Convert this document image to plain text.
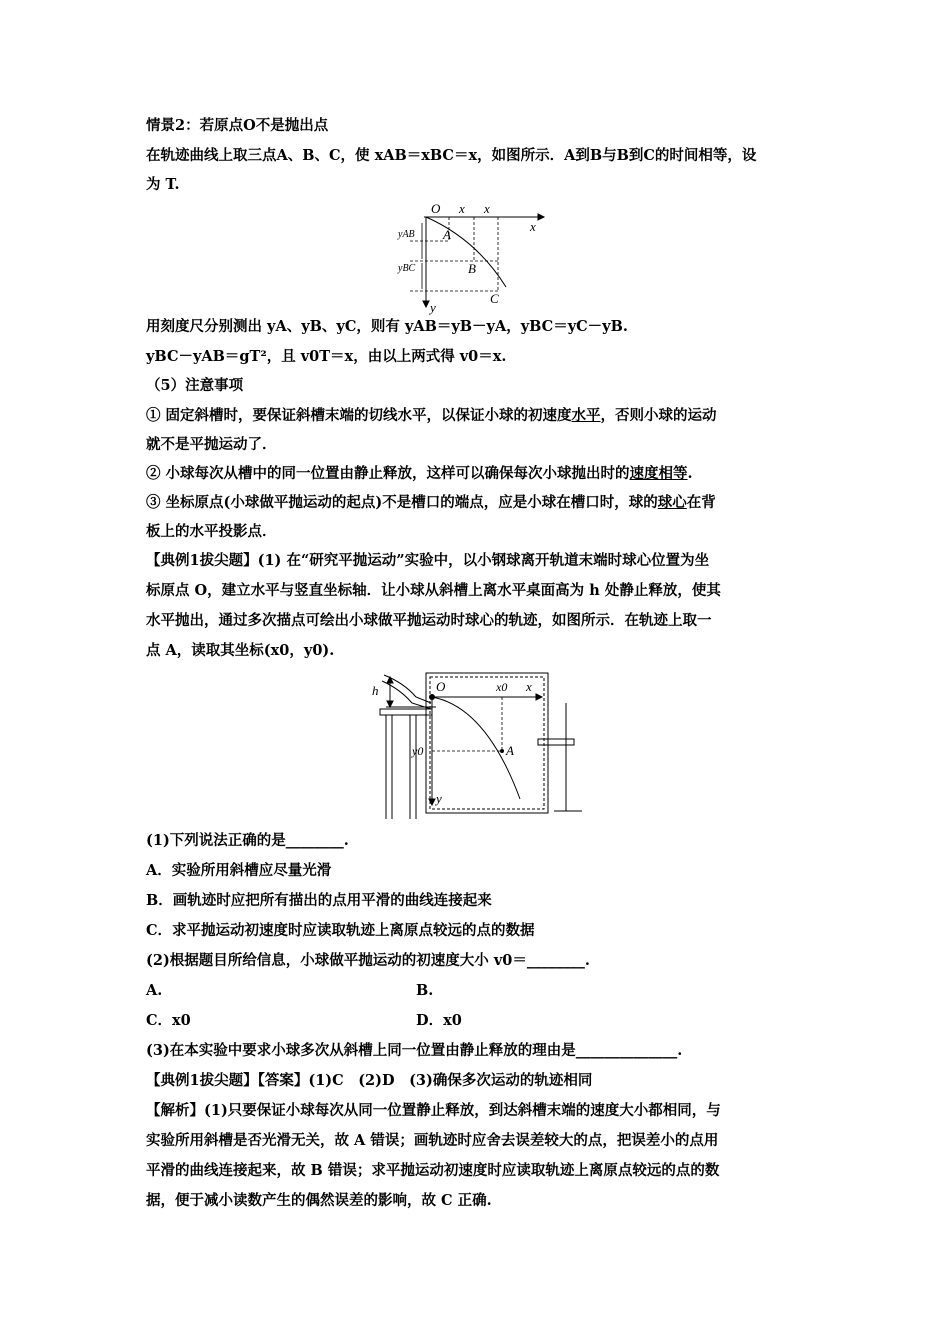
情景2：若原点O不是抛出点

在轨迹曲线上取三点A、B、C，使 xAB＝xBC＝x，如图所示．A到B与B到C的时间相等，设

为 T.

O x x
x
y
A
B
C
yAB
yBC

用刻度尺分别测出 yA、yB、yC，则有 yAB＝yB－yA，yBC＝yC－yB.

yBC－yAB＝gT²，且 v0T＝x，由以上两式得 v0＝x.

（5）注意事项

① 固定斜槽时，要保证斜槽末端的切线水平，以保证小球的初速度水平，否则小球的运动

就不是平抛运动了．

② 小球每次从槽中的同一位置由静止释放，这样可以确保每次小球抛出时的速度相等.

③ 坐标原点(小球做平抛运动的起点)不是槽口的端点，应是小球在槽口时，球的球心在背

板上的水平投影点．

【典例1拔尖题】(1) 在“研究平抛运动”实验中，以小钢球离开轨道末端时球心位置为坐

标原点 O，建立水平与竖直坐标轴．让小球从斜槽上离水平桌面高为 h 处静止释放，使其

水平抛出，通过多次描点可绘出小球做平抛运动时球心的轨迹，如图所示．在轨迹上取一

点 A，读取其坐标(x0，y0).

h	O	x0 x
y0	A
y

(1)下列说法正确的是________.

A．实验所用斜槽应尽量光滑

B．画轨迹时应把所有描出的点用平滑的曲线连接起来

C．求平抛运动初速度时应读取轨迹上离原点较远的点的数据

(2)根据题目所给信息，小球做平抛运动的初速度大小 v0＝________.

A.	B.
C．x0	D．x0

(3)在本实验中要求小球多次从斜槽上同一位置由静止释放的理由是______________.

【典例1拔尖题】【答案】(1)C　(2)D　(3)确保多次运动的轨迹相同

【解析】(1)只要保证小球每次从同一位置静止释放，到达斜槽末端的速度大小都相同，与

实验所用斜槽是否光滑无关，故 A 错误；画轨迹时应舍去误差较大的点，把误差小的点用

平滑的曲线连接起来，故 B 错误；求平抛运动初速度时应读取轨迹上离原点较远的点的数

据，便于减小读数产生的偶然误差的影响，故 C 正确.
